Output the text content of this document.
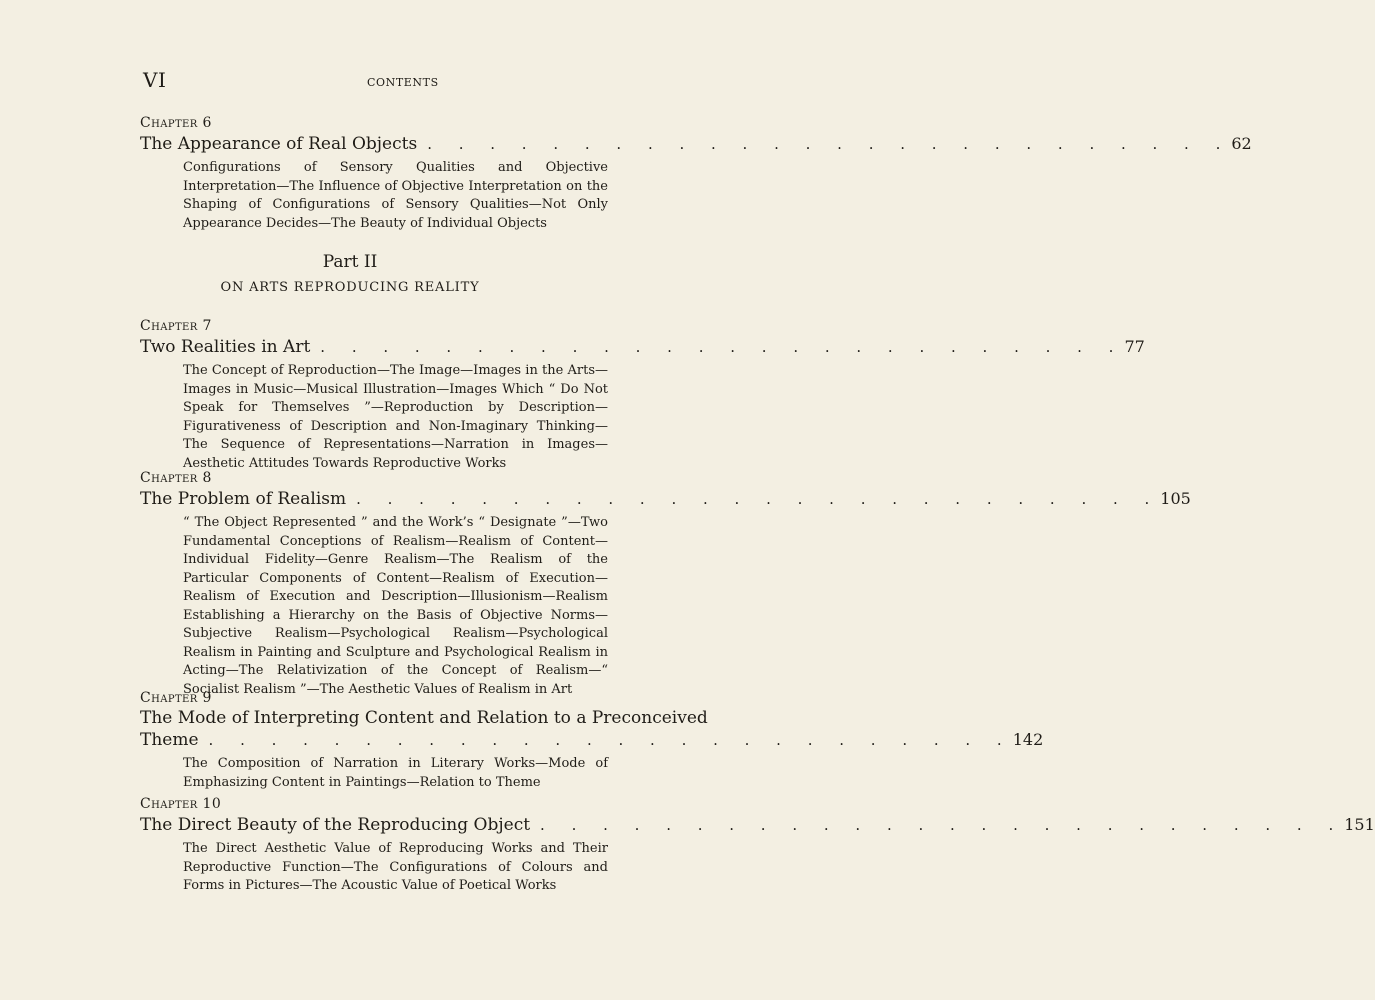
VI	CONTENTS
Chapter 6
The Appearance of Real Objects . . . . . . . . . . . . . . . . . . . . . . . . . . 62
Configurations of Sensory Qualities and Objective Interpretation—The Influence of Objective Interpretation on the Shaping of Configurations of Sensory Qualities—Not Only Appearance Decides—The Beauty of Individual Objects
Part II
ON ARTS REPRODUCING REALITY
Chapter 7
Two Realities in Art . . . . . . . . . . . . . . . . . . . . . . . . . . 77
The Concept of Reproduction—The Image—Images in the Arts—Images in Music—Musical Illustration—Images Which “ Do Not Speak for Themselves ”—Reproduction by Description—Figurativeness of Description and Non-Imaginary Thinking—The Sequence of Representations—Narration in Images—Aesthetic Attitudes Towards Reproductive Works
Chapter 8
The Problem of Realism . . . . . . . . . . . . . . . . . . . . . . . . . . 105
“ The Object Represented ” and the Work’s “ Designate ”—Two Fundamental Conceptions of Realism—Realism of Content—Individual Fidelity—Genre Realism—The Realism of the Particular Components of Content—Realism of Execution—Realism of Execution and Description—Illusionism—Realism Establishing a Hierarchy on the Basis of Objective Norms—Subjective Realism—Psychological Realism—Psychological Realism in Painting and Sculpture and Psychological Realism in Acting—The Relativization of the Concept of Realism—“ Socialist Realism ”—The Aesthetic Values of Realism in Art
Chapter 9
The Mode of Interpreting Content and Relation to a Preconceived
Theme . . . . . . . . . . . . . . . . . . . . . . . . . . 142
The Composition of Narration in Literary Works—Mode of Emphasizing Content in Paintings—Relation to Theme
Chapter 10
The Direct Beauty of the Reproducing Object . . . . . . . . . . . . . . . . . . . . . . . . . . 151
The Direct Aesthetic Value of Reproducing Works and Their Reproductive Function—The Configurations of Colours and Forms in Pictures—The Acoustic Value of Poetical Works
